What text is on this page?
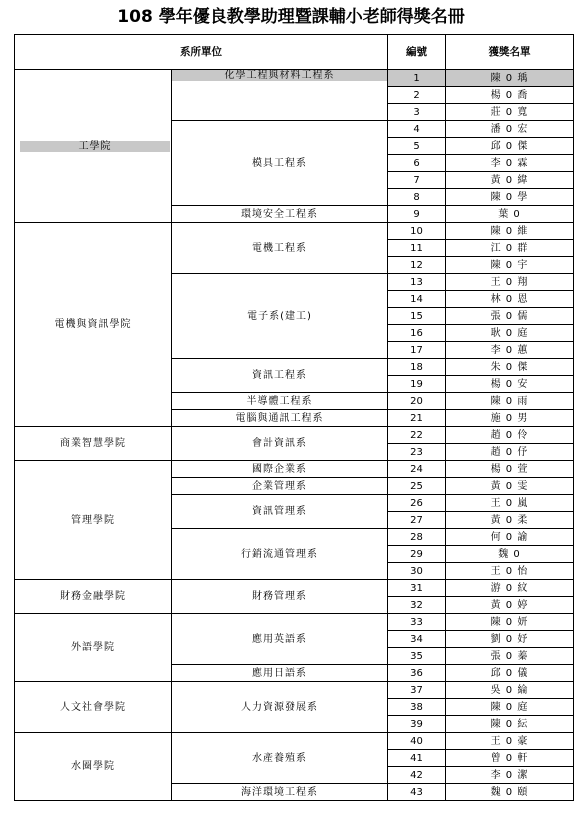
108 學年優良教學助理暨課輔小老師得獎名冊
系所單位		編號	獲獎名單

工學院	化學工程與材料工程系	1	陳 0 瑀
		2	楊 0 喬
		3	莊 0 寬
	模具工程系	4	潘 0 宏
		5	邱 0 傑
		6	李 0 霖
		7	黃 0 緯
		8	陳 0 學
	環境安全工程系	9	葉 0
電機與資訊學院	電機工程系	10	陳 0 維
		11	江 0 群
		12	陳 0 宇
	電子系(建工)	13	王 0 翔
		14	林 0 恩
		15	張 0 儒
		16	耿 0 庭
		17	李 0 蕙
	資訊工程系	18	朱 0 傑
		19	楊 0 安
	半導體工程系	20	陳 0 雨
	電腦與通訊工程系	21	施 0 男
商業智慧學院	會計資訊系	22	趙 0 伶
		23	趙 0 伃
管理學院	國際企業系	24	楊 0 萱
	企業管理系	25	黃 0 雯
	資訊管理系	26	王 0 嵐
		27	黃 0 柔
	行銷流通管理系	28	何 0 諭
		29	魏 0
		30	王 0 怡
財務金融學院	財務管理系	31	游 0 紋
		32	黃 0 婷
外語學院	應用英語系	33	陳 0 妍
		34	劉 0 妤
		35	張 0 蓁
	應用日語系	36	邱 0 儀
人文社會學院	人力資源發展系	37	吳 0 綸
		38	陳 0 庭
		39	陳 0 紜
水圈學院	水產養殖系	40	王 0 豪
		41	曾 0 軒
		42	李 0 潔
	海洋環境工程系	43	魏 0 頤
